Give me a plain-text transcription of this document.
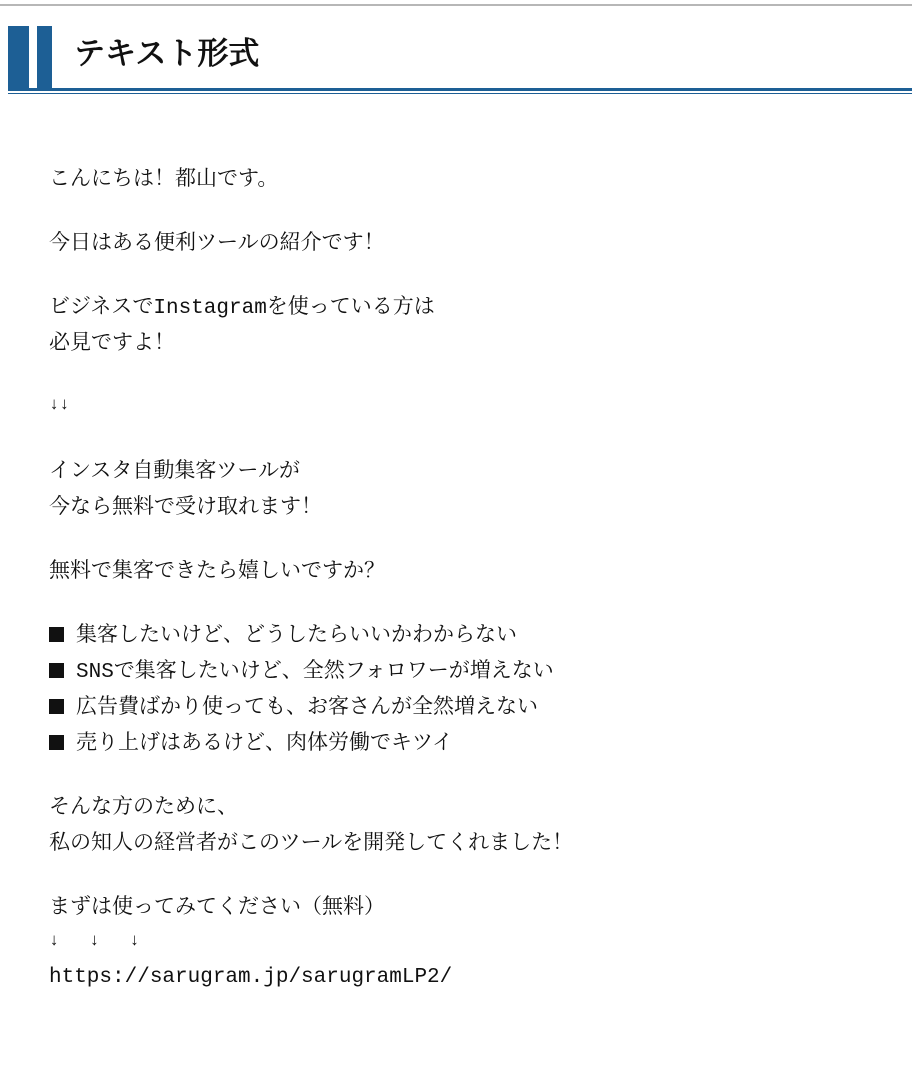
テキスト形式
こんにちは！都山です。
今日はある便利ツールの紹介です！
ビジネスでInstagramを使っている方は
必見ですよ！
↓↓
インスタ自動集客ツールが
今なら無料で受け取れます！
無料で集客できたら嬉しいですか？
集客したいけど、どうしたらいいかわからない
SNSで集客したいけど、全然フォロワーが増えない
広告費ばかり使っても、お客さんが全然増えない
売り上げはあるけど、肉体労働でキツイ
そんな方のために、
私の知人の経営者がこのツールを開発してくれました！
まずは使ってみてください（無料）
↓ ↓ ↓
https://sarugram.jp/sarugramLP2/
